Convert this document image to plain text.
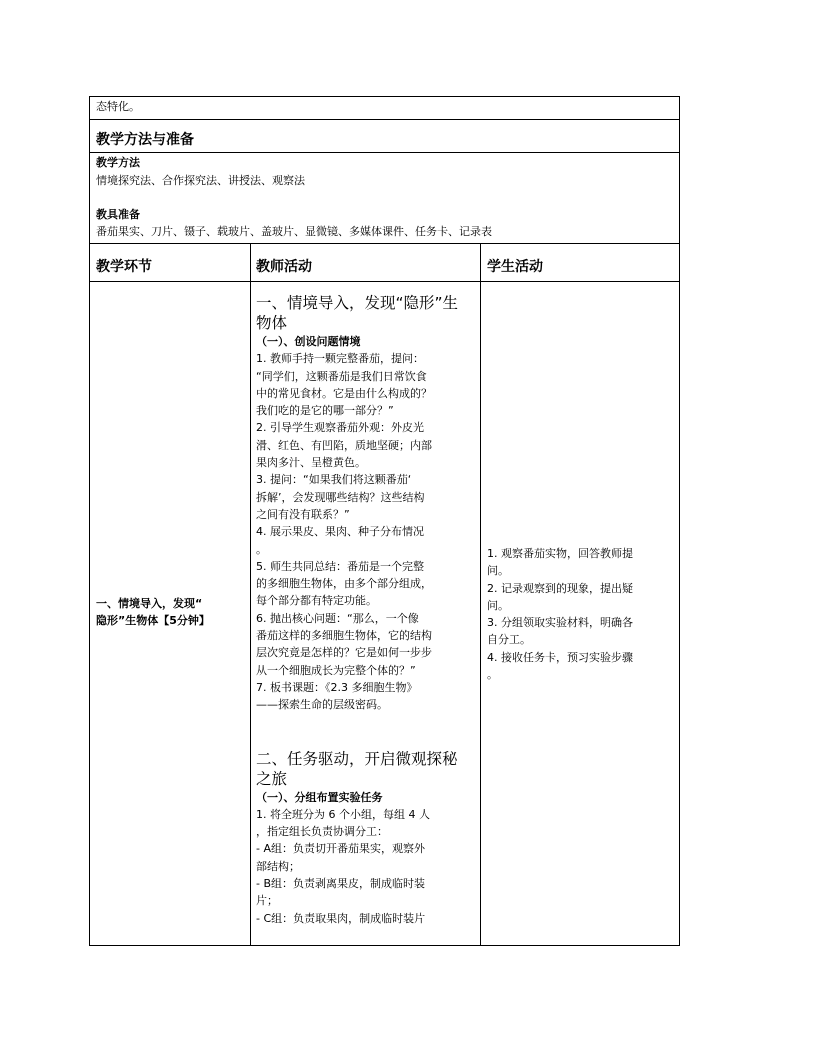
态特化。
教学方法与准备
教学方法
情境探究法、合作探究法、讲授法、观察法
教具准备
番茄果实、刀片、镊子、载玻片、盖玻片、显微镜、多媒体课件、任务卡、记录表
教学环节	教师活动	学生活动
一、情境导入，发现“
隐形”生物体【5分钟】

一、情境导入，发现“隐形”生

物体

（一）、创设问题情境

1. 教师手持一颗完整番茄，提问：

“同学们，这颗番茄是我们日常饮食

中的常见食材。它是由什么构成的？

我们吃的是它的哪一部分？”

2. 引导学生观察番茄外观：外皮光

滑、红色、有凹陷，质地坚硬；内部

果肉多汁、呈橙黄色。

3. 提问：“如果我们将这颗番茄‘

拆解’，会发现哪些结构？这些结构

之间有没有联系？”

4. 展示果皮、果肉、种子分布情况

。

5. 师生共同总结：番茄是一个完整

的多细胞生物体，由多个部分组成，

每个部分都有特定功能。

6. 抛出核心问题：“那么，一个像

番茄这样的多细胞生物体，它的结构

层次究竟是怎样的？它是如何一步步

从一个细胞成长为完整个体的？”

7. 板书课题：《2.3 多细胞生物》

——探索生命的层级密码。

二、任务驱动，开启微观探秘

之旅

（一）、分组布置实验任务

1. 将全班分为 6 个小组，每组 4 人

，指定组长负责协调分工：

- A组：负责切开番茄果实，观察外

部结构；

- B组：负责剥离果皮，制成临时装

片；

- C组：负责取果肉，制成临时装片

1. 观察番茄实物，回答教师提

问。

2. 记录观察到的现象，提出疑

问。

3. 分组领取实验材料，明确各

自分工。

4. 接收任务卡，预习实验步骤

。
